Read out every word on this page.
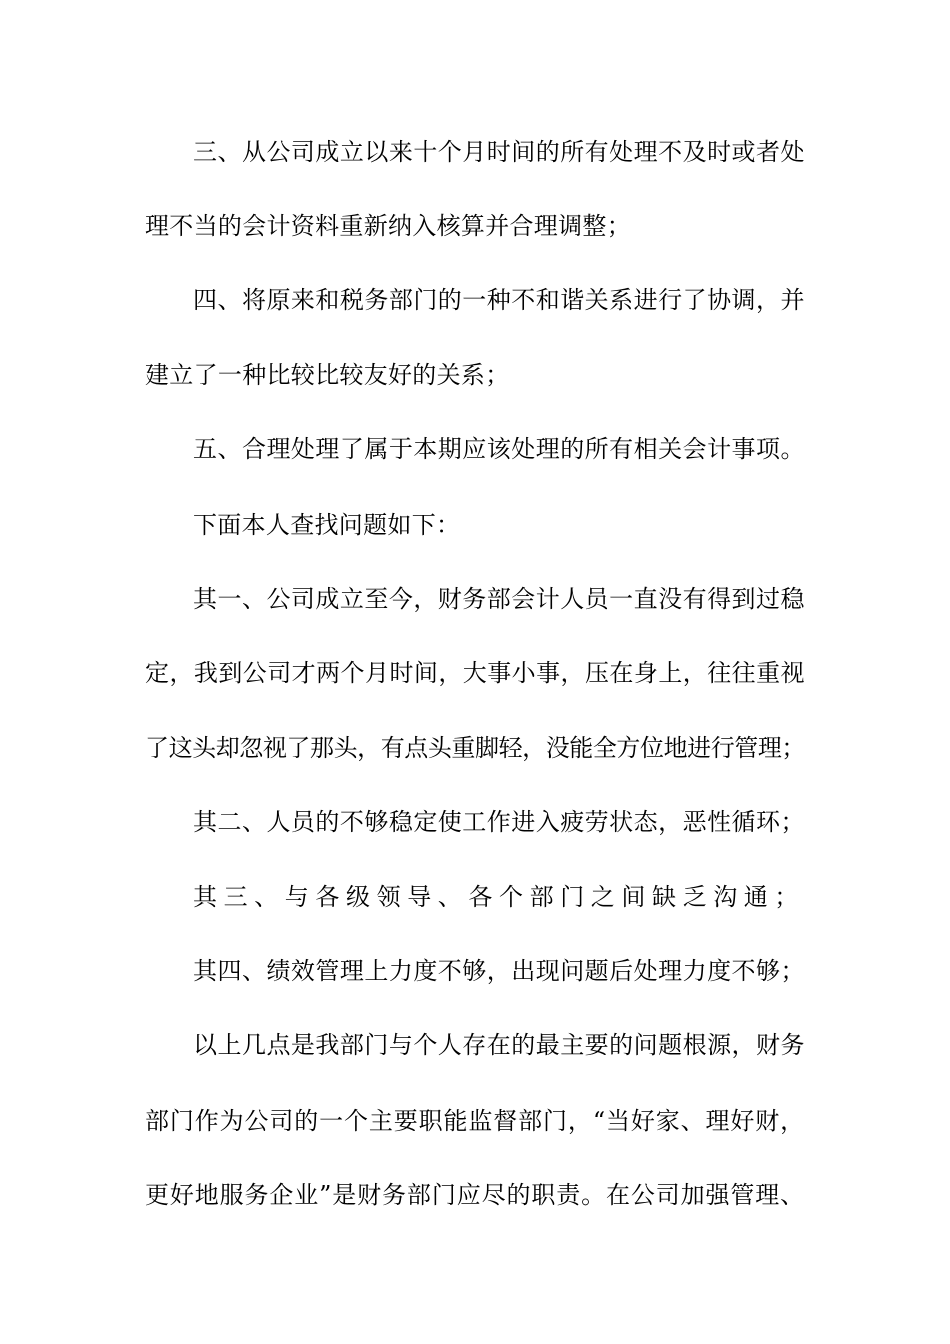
三、从公司成立以来十个月时间的所有处理不及时或者处
理不当的会计资料重新纳入核算并合理调整；
四、将原来和税务部门的一种不和谐关系进行了协调，并
建立了一种比较比较友好的关系；
五、合理处理了属于本期应该处理的所有相关会计事项。
下面本人查找问题如下：
其一、公司成立至今，财务部会计人员一直没有得到过稳
定，我到公司才两个月时间，大事小事，压在身上，往往重视
了这头却忽视了那头，有点头重脚轻，没能全方位地进行管理；
其二、人员的不够稳定使工作进入疲劳状态，恶性循环；
其三、与各级领导、各个部门之间缺乏沟通；
其四、绩效管理上力度不够，出现问题后处理力度不够；
以上几点是我部门与个人存在的最主要的问题根源，财务
部门作为公司的一个主要职能监督部门，“当好家、理好财，
更好地服务企业”是财务部门应尽的职责。在公司加强管理、
